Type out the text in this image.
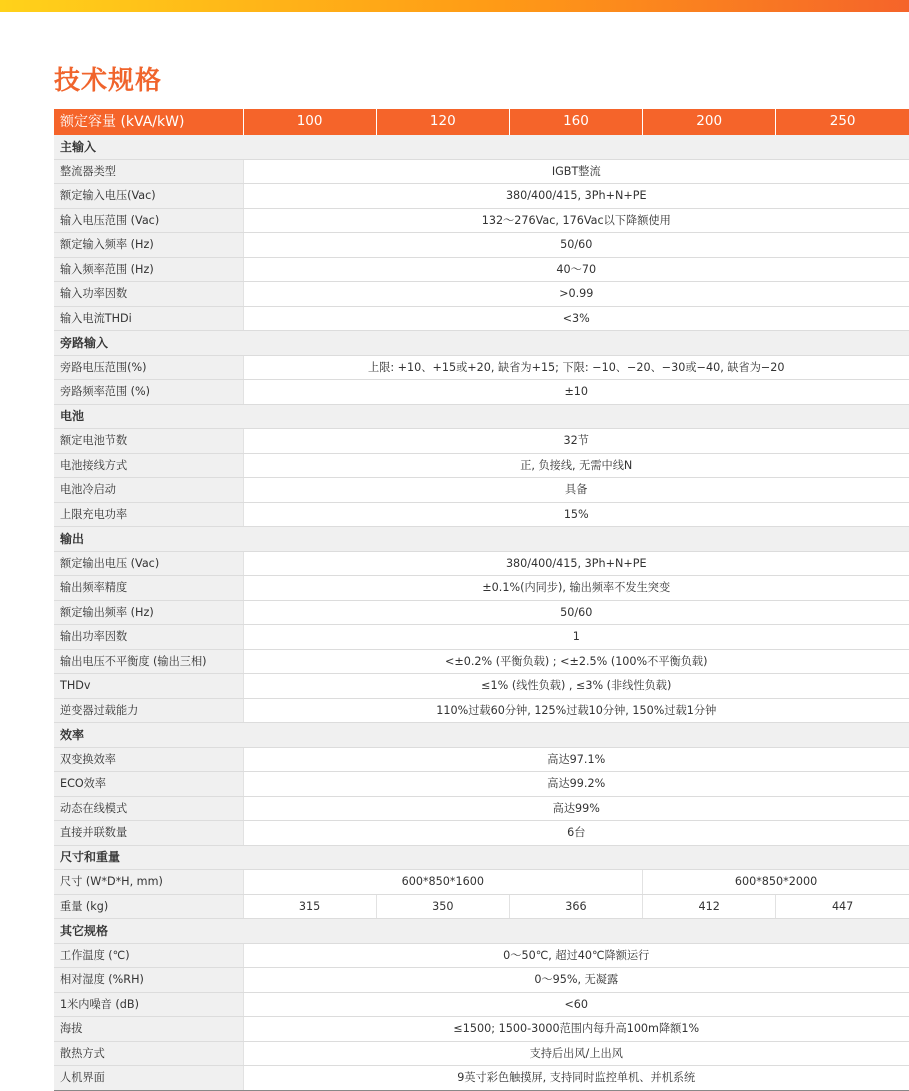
技术规格
额定容量 (kVA/kW)	100	120	160	200	250
主输入					
整流器类型	IGBT整流				
额定输入电压(Vac)	380/400/415, 3Ph+N+PE				
输入电压范围 (Vac)	132～276Vac, 176Vac以下降额使用				
额定输入频率 (Hz)	50/60				
输入频率范围 (Hz)	40～70				
输入功率因数	>0.99				
输入电流THDi	<3%				
旁路输入					
旁路电压范围(%)	上限: +10、+15或+20, 缺省为+15; 下限: −10、−20、−30或−40, 缺省为−20				
旁路频率范围 (%)	±10				
电池					
额定电池节数	32节				
电池接线方式	正, 负接线, 无需中线N				
电池冷启动	具备				
上限充电功率	15%				
输出					
额定输出电压 (Vac)	380/400/415, 3Ph+N+PE				
输出频率精度	±0.1%(内同步), 输出频率不发生突变				
额定输出频率 (Hz)	50/60				
输出功率因数	1				
输出电压不平衡度 (输出三相)	<±0.2% (平衡负载) ; <±2.5% (100%不平衡负载)				
THDv	≤1% (线性负载) , ≤3% (非线性负载)				
逆变器过载能力	110%过载60分钟, 125%过载10分钟, 150%过载1分钟				
效率					
双变换效率	高达97.1%				
ECO效率	高达99.2%				
动态在线模式	高达99%				
直接并联数量	6台				
尺寸和重量					
尺寸 (W*D*H, mm)	600*850*1600			600*850*2000	
重量 (kg)	315	350	366	412	447
其它规格					
工作温度 (℃)	0～50℃, 超过40℃降额运行				
相对湿度 (%RH)	0～95%, 无凝露				
1米内噪音 (dB)	<60				
海拔	≤1500; 1500-3000范围内每升高100m降额1%				
散热方式	支持后出风/上出风				
人机界面	9英寸彩色触摸屏, 支持同时监控单机、并机系统				
